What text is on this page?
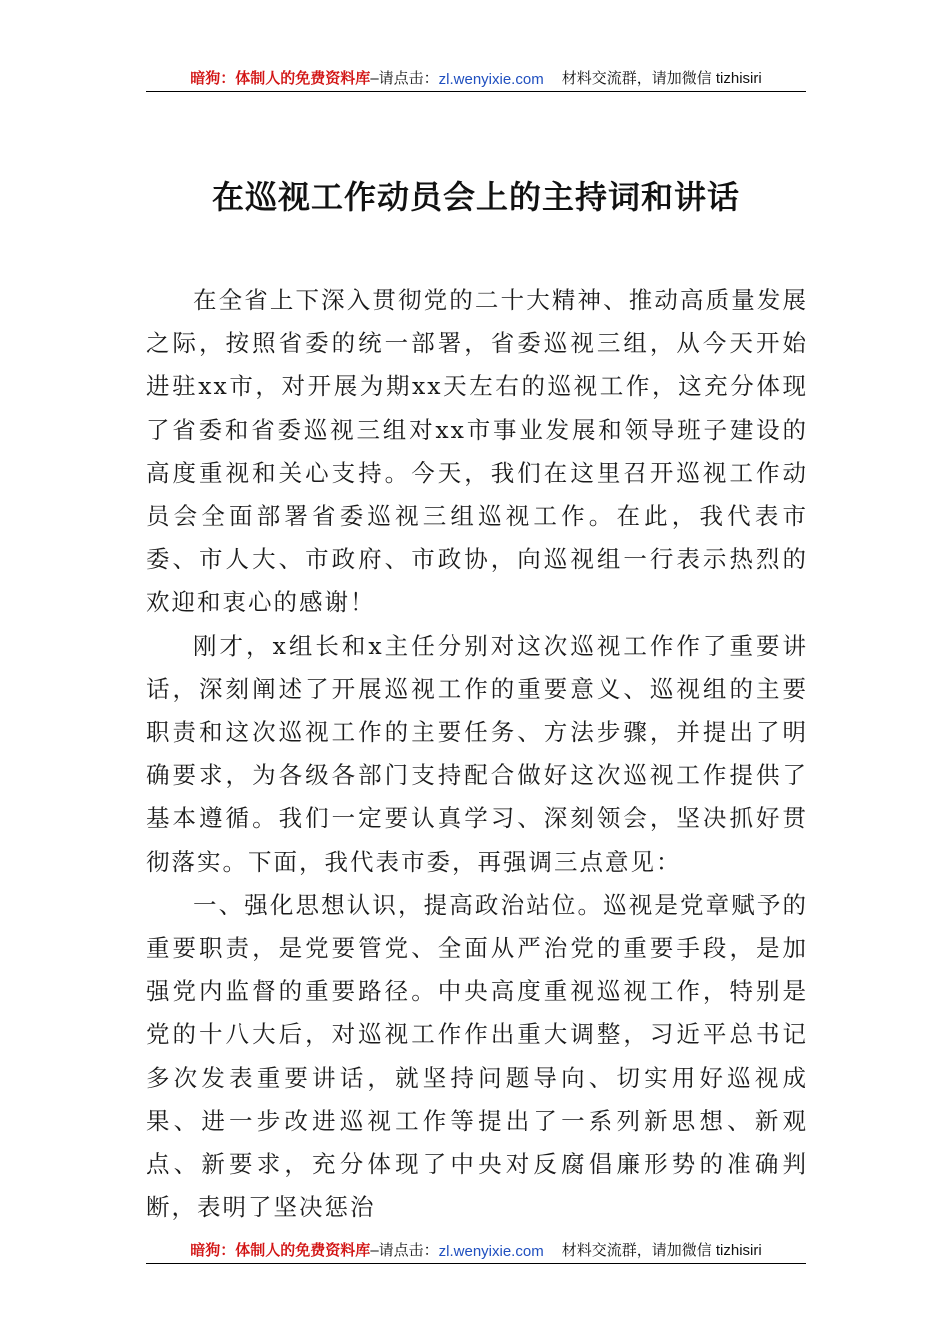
暗狗：体制人的免费资料库 –请点击： zl.wenyixie.com 材料交流群，请加微信 tizhisiri
在巡视工作动员会上的主持词和讲话

在全省上下深入贯彻党的二十大精神、推动高质量发展之际，按照省委的统一部署，省委巡视三组，从今天开始进驻xx市，对开展为期xx天左右的巡视工作，这充分体现了省委和省委巡视三组对xx市事业发展和领导班子建设的高度重视和关心支持。今天，我们在这里召开巡视工作动员会全面部署省委巡视三组巡视工作。在此，我代表市委、市人大、市政府、市政协，向巡视组一行表示热烈的欢迎和衷心的感谢！

刚才，x组长和x主任分别对这次巡视工作作了重要讲话，深刻阐述了开展巡视工作的重要意义、巡视组的主要职责和这次巡视工作的主要任务、方法步骤，并提出了明确要求，为各级各部门支持配合做好这次巡视工作提供了基本遵循。我们一定要认真学习、深刻领会，坚决抓好贯彻落实。下面，我代表市委，再强调三点意见：

一、强化思想认识，提高政治站位。巡视是党章赋予的重要职责，是党要管党、全面从严治党的重要手段，是加强党内监督的重要路径。中央高度重视巡视工作，特别是党的十八大后，对巡视工作作出重大调整，习近平总书记多次发表重要讲话，就坚持问题导向、切实用好巡视成果、进一步改进巡视工作等提出了一系列新思想、新观点、新要求，充分体现了中央对反腐倡廉形势的准确判断，表明了坚决惩治

暗狗：体制人的免费资料库 –请点击： zl.wenyixie.com 材料交流群，请加微信 tizhisiri
